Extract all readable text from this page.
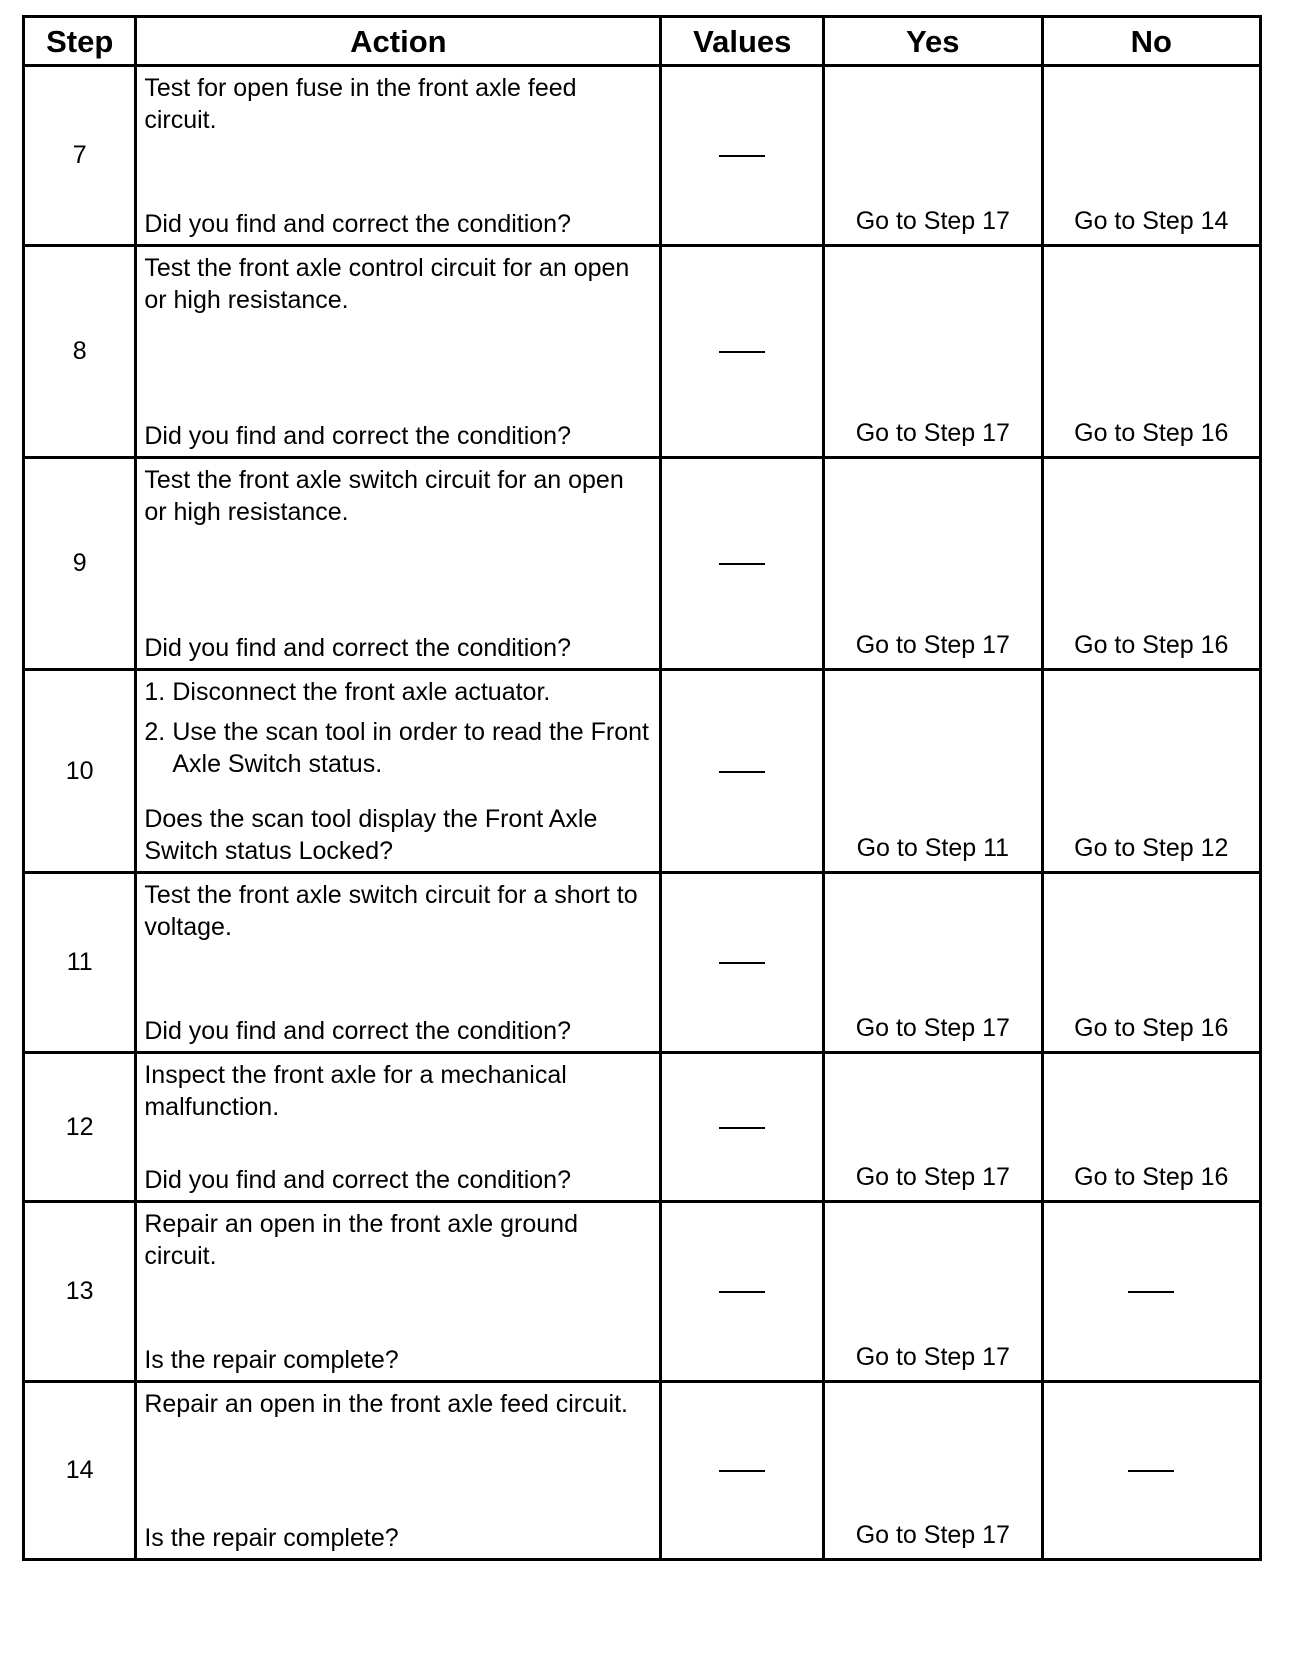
Step	Action	Values	Yes	No
7	Test for open fuse in the front axle feed circuit.
Did you find and correct the condition?		Go to Step 17	Go to Step 14
8	Test the front axle control circuit for an open or high resistance.
Did you find and correct the condition?		Go to Step 17	Go to Step 16
9	Test the front axle switch circuit for an open or high resistance.
Did you find and correct the condition?		Go to Step 17	Go to Step 16
10	1. Disconnect the front axle actuator.
2. Use the scan tool in order to read the Front Axle Switch status.
Does the scan tool display the Front Axle Switch status Locked?		Go to Step 11	Go to Step 12
11	Test the front axle switch circuit for a short to voltage.
Did you find and correct the condition?		Go to Step 17	Go to Step 16
12	Inspect the front axle for a mechanical malfunction.
Did you find and correct the condition?		Go to Step 17	Go to Step 16
13	Repair an open in the front axle ground circuit.
Is the repair complete?		Go to Step 17	
14	Repair an open in the front axle feed circuit.
Is the repair complete?		Go to Step 17	
